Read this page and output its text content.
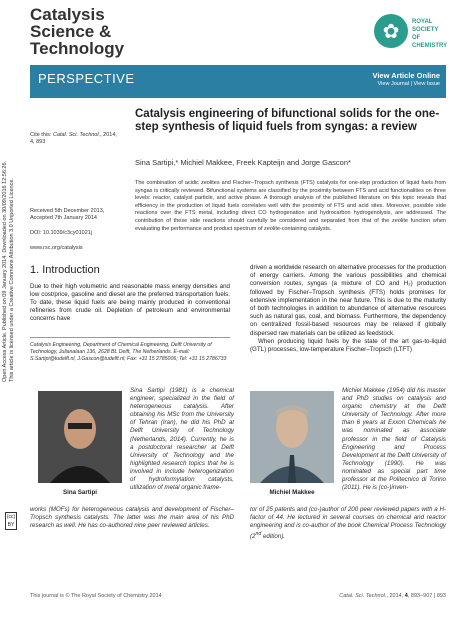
Catalysis
Science &
Technology
✿	ROYAL SOCIETY
OF CHEMISTRY
PERSPECTIVE	View Article Online
View Journal | View Issue
Open Access Article. Published on 09 January 2014. Downloaded on 30/09/2016 12:56:26. This article is licensed under a Creative Commons Attribution 3.0 Unported Licence.
(cc) BY
Cite this: Catal. Sci. Technol., 2014,
4, 893
Catalysis engineering of bifunctional solids for the one-step synthesis of liquid fuels from syngas: a review
Sina Sartipi,* Michiel Makkee, Freek Kapteijn and Jorge Gascon*
Received 5th December 2013,
Accepted 7th January 2014
DOI: 10.1039/c3cy01021j
www.rsc.org/catalysis
The combination of acidic zeolites and Fischer–Tropsch synthesis (FTS) catalysts for one-step production of liquid fuels from syngas is critically reviewed. Bifunctional systems are classified by the proximity between FTS and acid functionalities on three levels: reactor, catalyst particle, and active phase. A thorough analysis of the published literature on this topic reveals that efficiency in the production of liquid fuels correlates well with the proximity of FTS and acid sites. Moreover, possible side reactions over the FTS metal, including direct CO hydrogenation and hydrocarbon hydrogenolysis, are addressed. The contribution of these side reactions should carefully be considered and separated from that of the zeolite function when evaluating the performance and product spectrum of zeolite-containing catalysts.
1. Introduction
Due to their high volumetric and reasonable mass energy densities and low cost/price, gasoline and diesel are the preferred transportation fuels. To date, these liquid fuels are being mainly produced in conventional refineries from crude oil. Depletion of petroleum and environmental concerns have

driven a worldwide research on alternative processes for the production of energy carriers. Among the various possibilities and chemical conversion routes, syngas (a mixture of CO and H₂) production followed by Fischer–Tropsch synthesis (FTS) holds promises for extensive implementation in the near future. This is due to the maturity of both technologies in addition to abundance of alternative resources such as natural gas, coal, and biomass. Furthermore, the dependency on centralized fossil-based resources may be relaxed if globally dispersed raw materials can be utilized as feedstock.

When producing liquid fuels by the state of the art gas-to-liquid (GTL) processes, low-temperature Fischer–Tropsch (LTFT)

Catalysis Engineering, Department of Chemical Engineering, Delft University of Technology, Julianalaan 136, 2628 BL Delft, The Netherlands. E-mail: S.Sartipi@tudelft.nl, J.Gascon@tudelft.nl; Fax: +31 15 2785006; Tel: +31 15 2786733
Sina Sartipi	Michiel Makkee
Sina Sartipi (1981) is a chemical engineer, specialized in the field of heterogeneous catalysis. After obtaining his MSc from the University of Tehran (Iran), he did his PhD at Delft University of Technology (Netherlands, 2014). Currently, he is a postdoctoral researcher at Delft University of Technology and the highlighted research topics that he is involved in include heterogenization of hydroformylation catalysts, utilization of metal organic frame-
works (MOFs) for heterogeneous catalysis and development of Fischer–Tropsch synthesis catalysts. The latter was the main area of his PhD research as well. He has co-authored nine peer reviewed articles.
Michiel Makkee (1954) did his master and PhD studies on catalysis and organic chemistry at the Delft University of Technology. After more than 6 years at Exxon Chemicals he was nominated as associate professor in the field of Catalysis Engineering and Process Development at the Delft University of Technology (1990). He was nominated as special part time professor at the Politecnico di Torino (2011). He is (co-)inven-
tor of 25 patents and (co-)author of 200 peer reviewed papers with a H-factor of 44. He lectured in several courses on chemical and reactor engineering and is co-author of the book Chemical Process Technology (2nd edition).
This journal is © The Royal Society of Chemistry 2014	Catal. Sci. Technol., 2014, 4, 893–907 | 893
